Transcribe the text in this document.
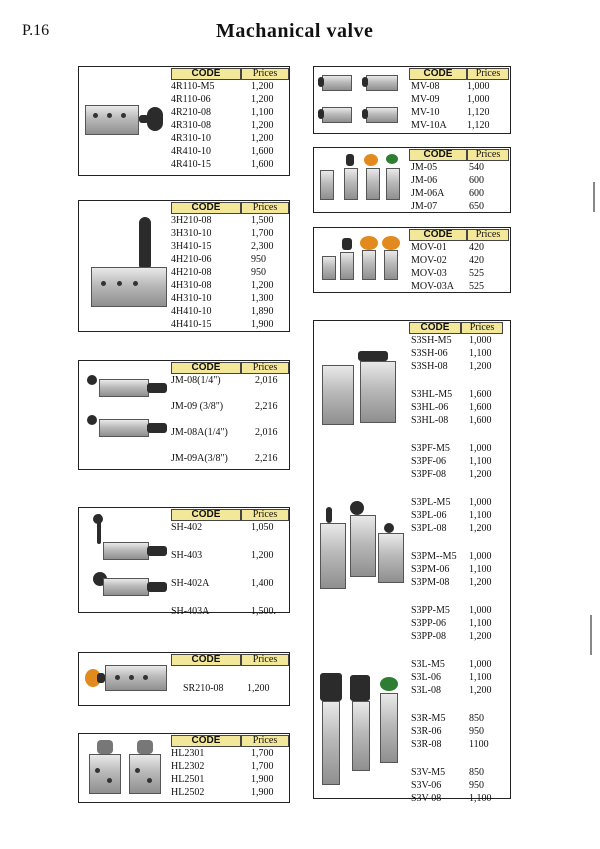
P.16	Machanical valve
CODE	Prices
4R110-M5	1,200
4R110-06	1,200
4R210-08	1,100
4R310-08	1,200
4R310-10	1,200
4R410-10	1,600
4R410-15	1,600
CODE	Prices
3H210-08	1,500
3H310-10	1,700
3H410-15	2,300
4H210-06	950
4H210-08	950
4H310-08	1,200
4H310-10	1,300
4H410-10	1,890
4H410-15	1,900
CODE	Prices
JM-08(1/4")	2,016
JM-09 (3/8")	2,216
JM-08A(1/4")	2,016
JM-09A(3/8")	2,216
CODE	Prices
SH-402	1,050
SH-403	1,200
SH-402A	1,400
SH-403A	1,500.
CODE	Prices
SR210-08 1,200
CODE	Prices
HL2301	1,700
HL2302	1,700
HL2501	1,900
HL2502	1,900
CODE	Prices
MV-08	1,000
MV-09	1,000
MV-10	1,120
MV-10A 1,120
CODE	Prices
JM-05	540
JM-06	600
JM-06A 600
JM-07	650
CODE	Prices
MOV-01 420
MOV-02 420
MOV-03 525
MOV-03A 525
CODE	Prices
S3SH-M5 1,000
S3SH-06 1,100
S3SH-08 1,200
S3HL-M5 1,600
S3HL-06 1,600
S3HL-08 1,600
S3PF-M5 1,000
S3PF-06 1,100
S3PF-08 1,200
S3PL-M5 1,000
S3PL-06 1,100
S3PL-08 1,200
S3PM--M5 1,000
S3PM-06 1,100
S3PM-08 1,200
S3PP-M5 1,000
S3PP-06 1,100
S3PP-08 1,200
S3L-M5 1,000
S3L-06	1,100
S3L-08	1,200
S3R-M5 850
S3R-06	950
S3R-08	1100
S3V-M5 850
S3V-06	950
S3V-08	1,100
